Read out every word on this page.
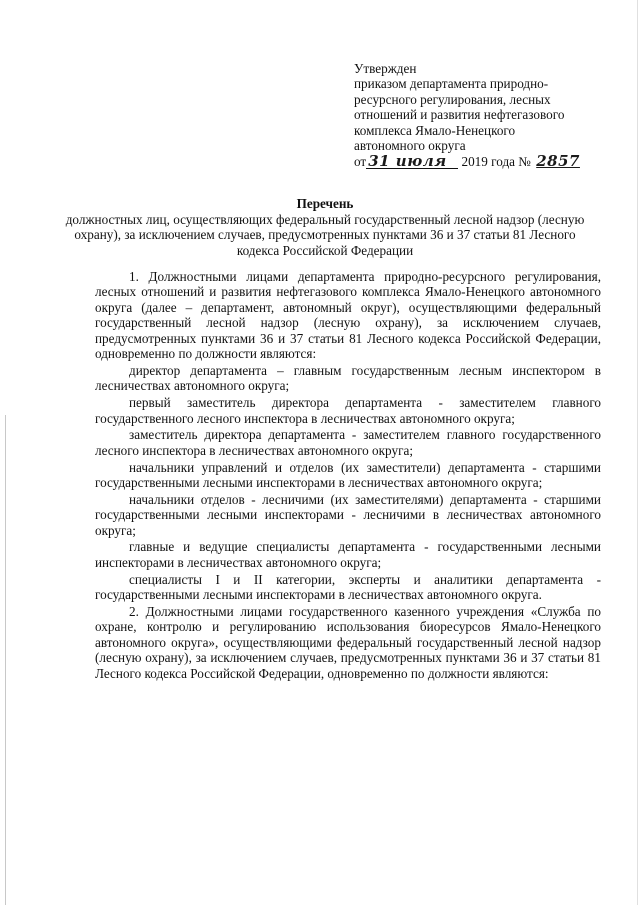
Утвержден
приказом департамента природно-
ресурсного регулирования, лесных
отношений и развития нефтегазового
комплекса Ямало-Ненецкого
автономного округа
от 31 июля 2019 года № 2857
Перечень
должностных лиц, осуществляющих федеральный государственный лесной надзор (лесную охрану), за исключением случаев, предусмотренных пунктами 36 и 37 статьи 81 Лесного кодекса Российской Федерации

1. Должностными лицами департамента природно-ресурсного регулирования, лесных отношений и развития нефтегазового комплекса Ямало-Ненецкого автономного округа (далее – департамент, автономный округ), осуществляющими федеральный государственный лесной надзор (лесную охрану), за исключением случаев, предусмотренных пунктами 36 и 37 статьи 81 Лесного кодекса Российской Федерации, одновременно по должности являются:

директор департамента – главным государственным лесным инспектором в лесничествах автономного округа;

первый заместитель директора департамента - заместителем главного государственного лесного инспектора в лесничествах автономного округа;

заместитель директора департамента - заместителем главного государственного лесного инспектора в лесничествах автономного округа;

начальники управлений и отделов (их заместители) департамента - старшими государственными лесными инспекторами в лесничествах автономного округа;

начальники отделов - лесничими (их заместителями) департамента - старшими государственными лесными инспекторами - лесничими в лесничествах автономного округа;

главные и ведущие специалисты департамента - государственными лесными инспекторами в лесничествах автономного округа;

специалисты I и II категории, эксперты и аналитики департамента - государственными лесными инспекторами в лесничествах автономного округа.

2. Должностными лицами государственного казенного учреждения «Служба по охране, контролю и регулированию использования биоресурсов Ямало-Ненецкого автономного округа», осуществляющими федеральный государственный лесной надзор (лесную охрану), за исключением случаев, предусмотренных пунктами 36 и 37 статьи 81 Лесного кодекса Российской Федерации, одновременно по должности являются:
